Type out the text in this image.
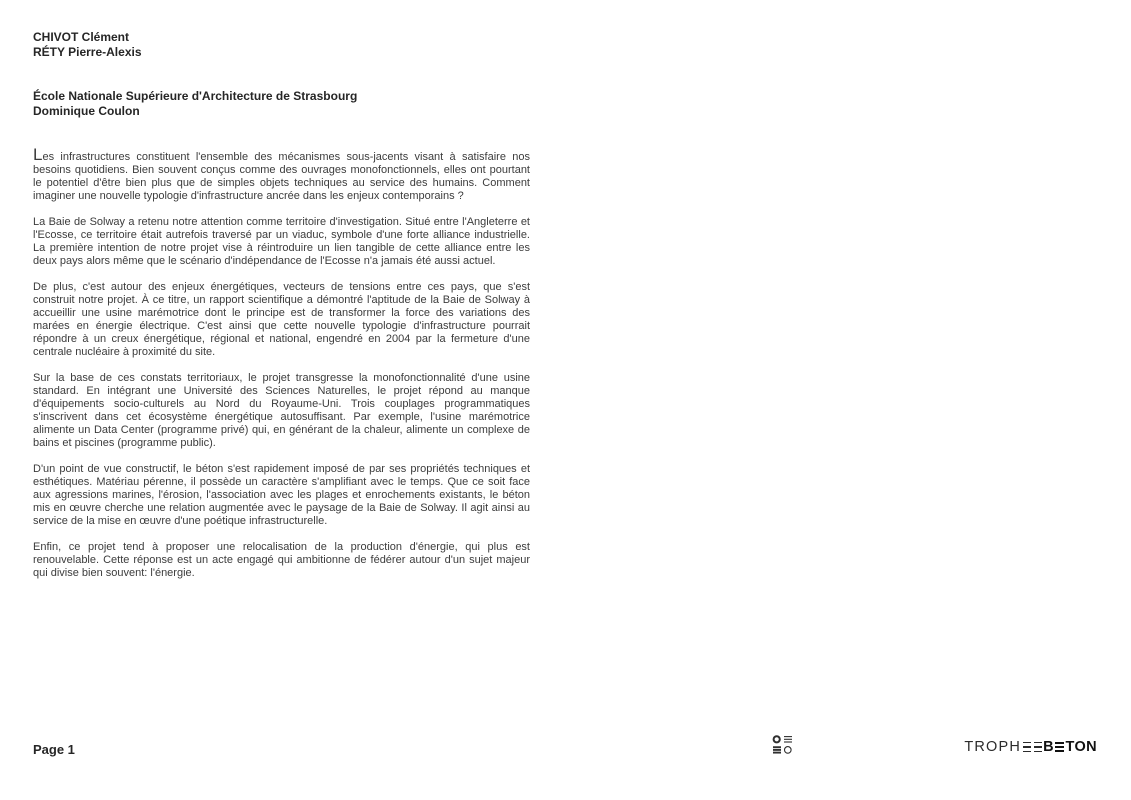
CHIVOT Clément
RÉTY Pierre-Alexis
École Nationale Supérieure d'Architecture de Strasbourg
Dominique Coulon

Les infrastructures constituent l'ensemble des mécanismes sous-jacents visant à satisfaire nos besoins quotidiens. Bien souvent conçus comme des ouvrages monofonctionnels, elles ont pourtant le potentiel d'être bien plus que de simples objets techniques au service des humains. Comment imaginer une nouvelle typologie d'infrastructure ancrée dans les enjeux contemporains ?

La Baie de Solway a retenu notre attention comme territoire d'investigation. Situé entre l'Angleterre et l'Ecosse, ce territoire était autrefois traversé par un viaduc, symbole d'une forte alliance industrielle. La première intention de notre projet vise à réintroduire un lien tangible de cette alliance entre les deux pays alors même que le scénario d'indépendance de l'Ecosse n'a jamais été aussi actuel.

De plus, c'est autour des enjeux énergétiques, vecteurs de tensions entre ces pays, que s'est construit notre projet. À ce titre, un rapport scientifique a démontré l'aptitude de la Baie de Solway à accueillir une usine marémotrice dont le principe est de transformer la force des variations des marées en énergie électrique. C'est ainsi que cette nouvelle typologie d'infrastructure pourrait répondre à un creux énergétique, régional et national, engendré en 2004 par la fermeture d'une centrale nucléaire à proximité du site.

Sur la base de ces constats territoriaux, le projet transgresse la monofonctionnalité d'une usine standard. En intégrant une Université des Sciences Naturelles, le projet répond au manque d'équipements socio-culturels au Nord du Royaume-Uni. Trois couplages programmatiques s'inscrivent dans cet écosystème énergétique autosuffisant. Par exemple, l'usine marémotrice alimente un Data Center (programme privé) qui, en générant de la chaleur, alimente un complexe de bains et piscines (programme public).

D'un point de vue constructif, le béton s'est rapidement imposé de par ses propriétés techniques et esthétiques. Matériau pérenne, il possède un caractère s'amplifiant avec le temps. Que ce soit face aux agressions marines, l'érosion, l'association avec les plages et enrochements existants, le béton mis en œuvre cherche une relation augmentée avec le paysage de la Baie de Solway. Il agit ainsi au service de la mise en œuvre d'une poétique infrastructurelle.

Enfin, ce projet tend à proposer une relocalisation de la production d'énergie, qui plus est renouvelable. Cette réponse est un acte engagé qui ambitionne de fédérer autour d'un sujet majeur qui divise bien souvent: l'énergie.

Page 1	TROPH B TON
